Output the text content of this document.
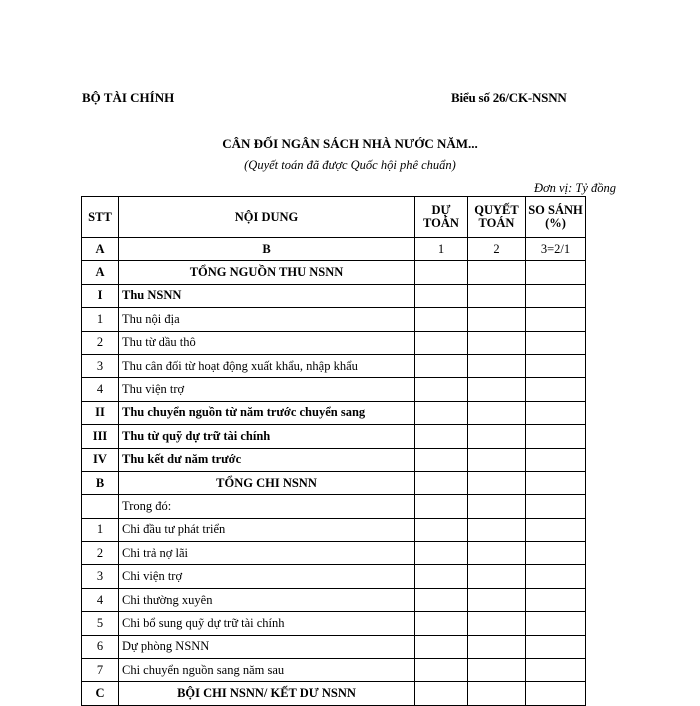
BỘ TÀI CHÍNH	Biểu số 26/CK-NSNN
CÂN ĐỐI NGÂN SÁCH NHÀ NƯỚC NĂM...
(Quyết toán đã được Quốc hội phê chuẩn)
Đơn vị: Tỷ đồng
STT	NỘI DUNG	DỰ TOÁN	QUYẾT TOÁN	SO SÁNH (%)
A	B	1	2	3=2/1
A	TỔNG NGUỒN THU NSNN			
I	Thu NSNN			
1	Thu nội địa			
2	Thu từ dầu thô			
3	Thu cân đối từ hoạt động xuất khẩu, nhập khẩu			
4	Thu viện trợ			
II	Thu chuyển nguồn từ năm trước chuyển sang			
III	Thu từ quỹ dự trữ tài chính			
IV	Thu kết dư năm trước			
B	TỔNG CHI NSNN			
	Trong đó:			
1	Chi đầu tư phát triển			
2	Chi trả nợ lãi			
3	Chi viện trợ			
4	Chi thường xuyên			
5	Chi bổ sung quỹ dự trữ tài chính			
6	Dự phòng NSNN			
7	Chi chuyển nguồn sang năm sau			
C	BỘI CHI NSNN/ KẾT DƯ NSNN			
